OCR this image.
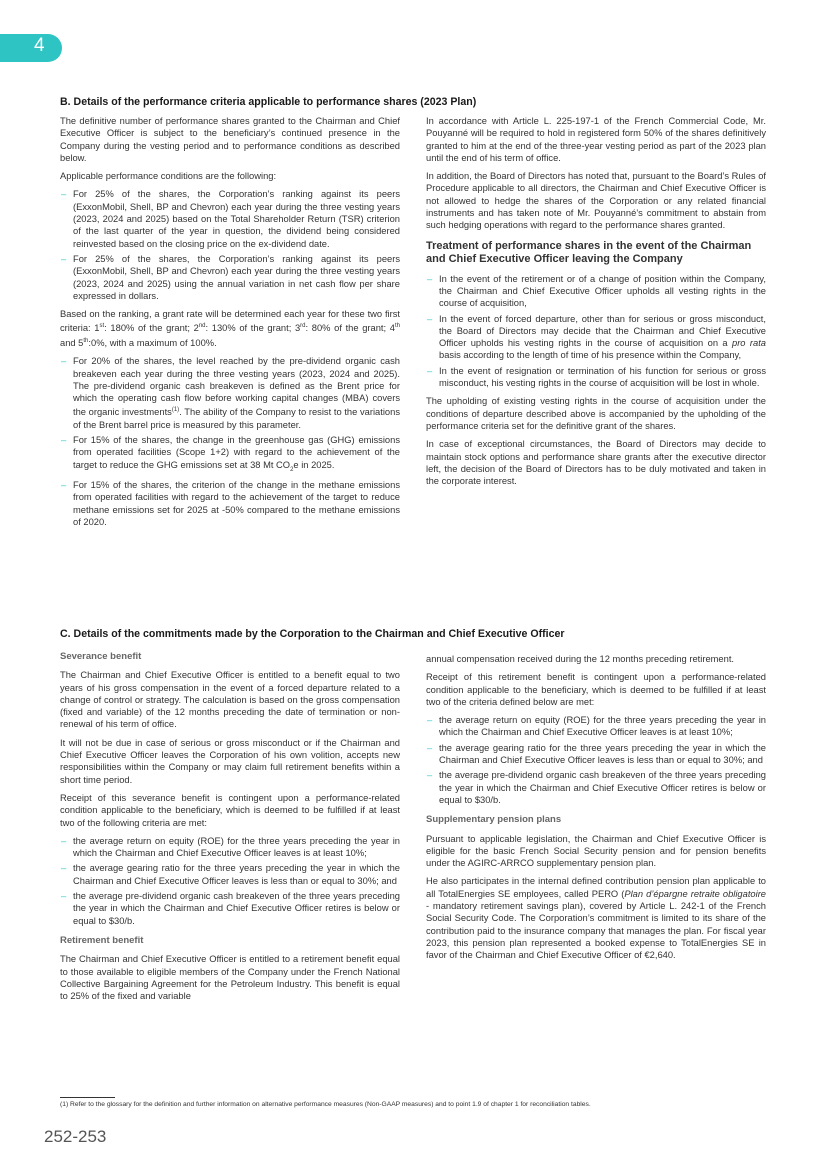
4
B. Details of the performance criteria applicable to performance shares (2023 Plan)

The definitive number of performance shares granted to the Chairman and Chief Executive Officer is subject to the beneficiary’s continued presence in the Company during the vesting period and to performance conditions as described below.

Applicable performance conditions are the following:

– For 25% of the shares, the Corporation’s ranking against its peers (ExxonMobil, Shell, BP and Chevron) each year during the three vesting years (2023, 2024 and 2025) based on the Total Shareholder Return (TSR) criterion of the last quarter of the year in question, the dividend being considered reinvested based on the closing price on the ex-dividend date.
– For 25% of the shares, the Corporation’s ranking against its peers (ExxonMobil, Shell, BP and Chevron) each year during the three vesting years (2023, 2024 and 2025) using the annual variation in net cash flow per share expressed in dollars.

Based on the ranking, a grant rate will be determined each year for these two first criteria: 1st: 180% of the grant; 2nd: 130% of the grant; 3rd: 80% of the grant; 4th and 5th:0%, with a maximum of 100%.

– For 20% of the shares, the level reached by the pre-dividend organic cash breakeven each year during the three vesting years (2023, 2024 and 2025). The pre-dividend organic cash breakeven is defined as the Brent price for which the operating cash flow before working capital changes (MBA) covers the organic investments$^{(1)}$. The ability of the Company to resist to the variations of the Brent barrel price is measured by this parameter.
– For 15% of the shares, the change in the greenhouse gas (GHG) emissions from operated facilities (Scope 1+2) with regard to the achievement of the target to reduce the GHG emissions set at 38 Mt $CO_2e$ in 2025.
– For 15% of the shares, the criterion of the change in the methane emissions from operated facilities with regard to the achievement of the target to reduce methane emissions set for 2025 at -50% compared to the methane emissions of 2020.

In accordance with Article L. 225-197-1 of the French Commercial Code, Mr. Pouyanné will be required to hold in registered form 50% of the shares definitively granted to him at the end of the three-year vesting period as part of the 2023 plan until the end of his term of office.

In addition, the Board of Directors has noted that, pursuant to the Board’s Rules of Procedure applicable to all directors, the Chairman and Chief Executive Officer is not allowed to hedge the shares of the Corporation or any related financial instruments and has taken note of Mr. Pouyanné’s commitment to abstain from such hedging operations with regard to the performance shares granted.

Treatment of performance shares in the event of the Chairman and Chief Executive Officer leaving the Company
– In the event of the retirement or of a change of position within the Company, the Chairman and Chief Executive Officer upholds all vesting rights in the course of acquisition,
– In the event of forced departure, other than for serious or gross misconduct, the Board of Directors may decide that the Chairman and Chief Executive Officer upholds his vesting rights in the course of acquisition on a pro rata basis according to the length of time of his presence within the Company,
– In the event of resignation or termination of his function for serious or gross misconduct, his vesting rights in the course of acquisition will be lost in whole.

The upholding of existing vesting rights in the course of acquisition under the conditions of departure described above is accompanied by the upholding of the performance criteria set for the definitive grant of the shares.

In case of exceptional circumstances, the Board of Directors may decide to maintain stock options and performance share grants after the executive director left, the decision of the Board of Directors has to be duly motivated and taken in the corporate interest.

C. Details of the commitments made by the Corporation to the Chairman and Chief Executive Officer
Severance benefit

The Chairman and Chief Executive Officer is entitled to a benefit equal to two years of his gross compensation in the event of a forced departure related to a change of control or strategy. The calculation is based on the gross compensation (fixed and variable) of the 12 months preceding the date of termination or non-renewal of his term of office.

It will not be due in case of serious or gross misconduct or if the Chairman and Chief Executive Officer leaves the Corporation of his own volition, accepts new responsibilities within the Company or may claim full retirement benefits within a short time period.

Receipt of this severance benefit is contingent upon a performance-related condition applicable to the beneficiary, which is deemed to be fulfilled if at least two of the following criteria are met:

– the average return on equity (ROE) for the three years preceding the year in which the Chairman and Chief Executive Officer leaves is at least 10%;
– the average gearing ratio for the three years preceding the year in which the Chairman and Chief Executive Officer leaves is less than or equal to 30%; and
– the average pre-dividend organic cash breakeven of the three years preceding the year in which the Chairman and Chief Executive Officer retires is below or equal to $30/b.
Retirement benefit

The Chairman and Chief Executive Officer is entitled to a retirement benefit equal to those available to eligible members of the Company under the French National Collective Bargaining Agreement for the Petroleum Industry. This benefit is equal to 25% of the fixed and variable

annual compensation received during the 12 months preceding retirement.

Receipt of this retirement benefit is contingent upon a performance-related condition applicable to the beneficiary, which is deemed to be fulfilled if at least two of the criteria defined below are met:

– the average return on equity (ROE) for the three years preceding the year in which the Chairman and Chief Executive Officer leaves is at least 10%;
– the average gearing ratio for the three years preceding the year in which the Chairman and Chief Executive Officer leaves is less than or equal to 30%; and
– the average pre-dividend organic cash breakeven of the three years preceding the year in which the Chairman and Chief Executive Officer retires is below or equal to $30/b.
Supplementary pension plans

Pursuant to applicable legislation, the Chairman and Chief Executive Officer is eligible for the basic French Social Security pension and for pension benefits under the AGIRC-ARRCO supplementary pension plan.

He also participates in the internal defined contribution pension plan applicable to all TotalEnergies SE employees, called PERO (Plan d’épargne retraite obligatoire - mandatory retirement savings plan), covered by Article L. 242-1 of the French Social Security Code. The Corporation’s commitment is limited to its share of the contribution paid to the insurance company that manages the plan. For fiscal year 2023, this pension plan represented a booked expense to TotalEnergies SE in favor of the Chairman and Chief Executive Officer of €2,640.

(1) Refer to the glossary for the definition and further information on alternative performance measures (Non-GAAP measures) and to point 1.9 of chapter 1 for reconciliation tables.
252-253
